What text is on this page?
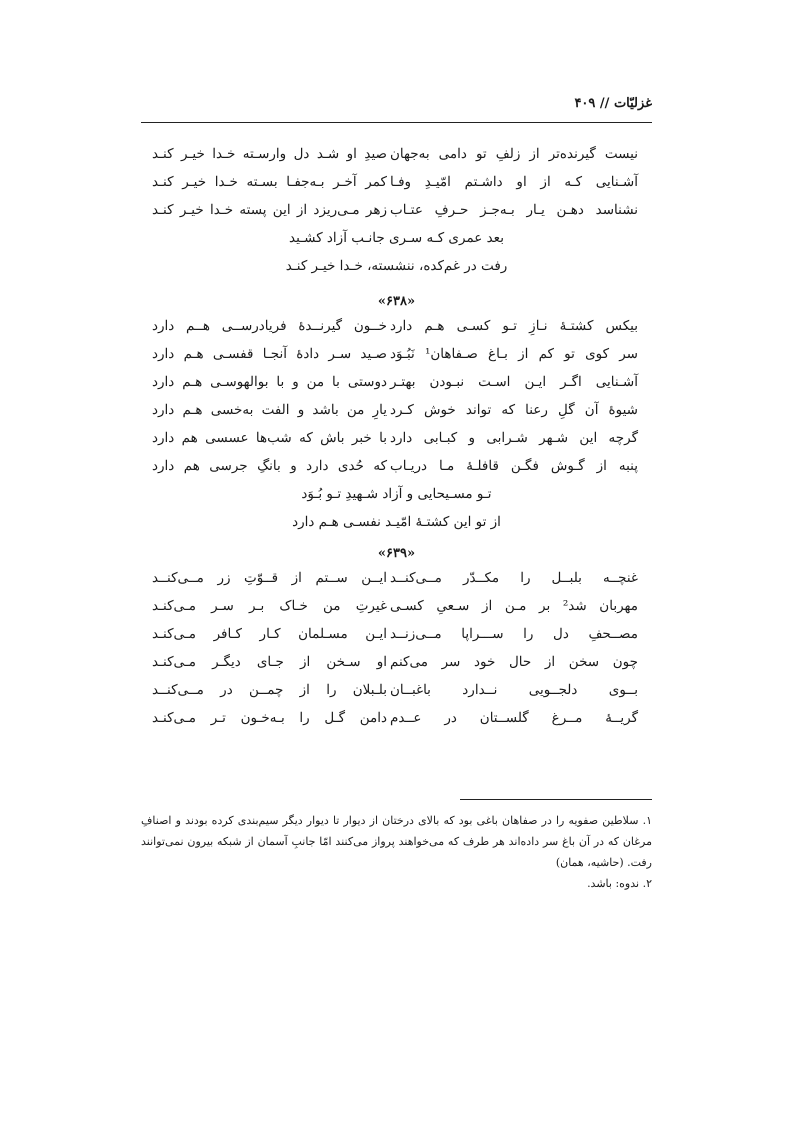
غزلیّات // ۴۰۹
نیست گیرنده‌تر از زلفِ تو دامی به‌جهان
صیدِ او شـد دل وارسـته خـدا خیـر کنـد
آشـنایی کـه از او داشـتم امّیـدِ وفـا
کمر آخـر بـه‌جفـا بسـته خـدا خیـر کنـد
نشناسد دهـن یـار بـه‌جـز حـرفِ عتـاب
زهر مـی‌ریزد از این پسته خـدا خیـر کنـد
بعد عمری کـه سـری جانـب آزاد کشـید
رفت در غم‌کده، ننشسته، خـدا خیـر کنـد
«۶۳۸»
بیکس کشتـهٔ نـازِ تـو کسـی هـم دارد
خــون گیرنــدهٔ فریادرســی هــم دارد
سر کوی تو کم از بـاغ صـفاهان¹ نَبُـوَد
صـید سـر دادهٔ آنجـا قفسـی هـم دارد
آشـنایی اگـر ایـن اسـت نبـودن بهتـر
دوستی با من و با بوالهوسـی هـم دارد
شیوهٔ آن گلِ رعنا که تواند خوش کـرد
یارِ من باشد و الفت به‌خسی هـم دارد
گرچه این شـهر شـرابی و کبـابی دارد
با خبر باش که شب‌ها عسسی هم دارد
پنبه از گـوش فگـن قافلـهٔ مـا دریـاب
که حُدی دارد و بانگِ جرسی هم دارد
تـو مسـیحایی و آزاد شـهیدِ تـو بُـوَد
از تو این کشتـهٔ امّیـد نفسـی هـم دارد
«۶۳۹»
غنچــه بلبــل را مکــدّر مــی‌کنــد
ایــن ســتم از قــوّتِ زر مــی‌کنــد
مهربان شد² بر مـن از سـعیِ کسـی
غیرتِ من خـاک بـر سـر مـی‌کنـد
مصــحفِ دل را ســـراپا مــی‌زنــد
ایـن مسـلمان کـار کـافر مـی‌کنـد
چون سخن از حال خود سر می‌کنم
او سـخن از جـای دیگـر مـی‌کنـد
بــوی دلجــویی نــدارد باغبــان
بلـبلان را از چمــن در مــی‌کنــد
گریــهٔ مــرغ گلســتان در عــدم
دامن گـل را بـه‌خـون تـر مـی‌کنـد

۱. سلاطین صفویه را در صفاهان باغی بود که بالای درختان از دیوار تا دیوار دیگر سیم‌بندی کرده بودند و اصنافِ مرغان که در آن باغ سر داده‌اند هر طرف که می‌خواهند پرواز می‌کنند امّا جانبِ آسمان از شبکه بیرون نمی‌توانند رفت. (حاشیه، همان)

۲. ندوه: باشد.
